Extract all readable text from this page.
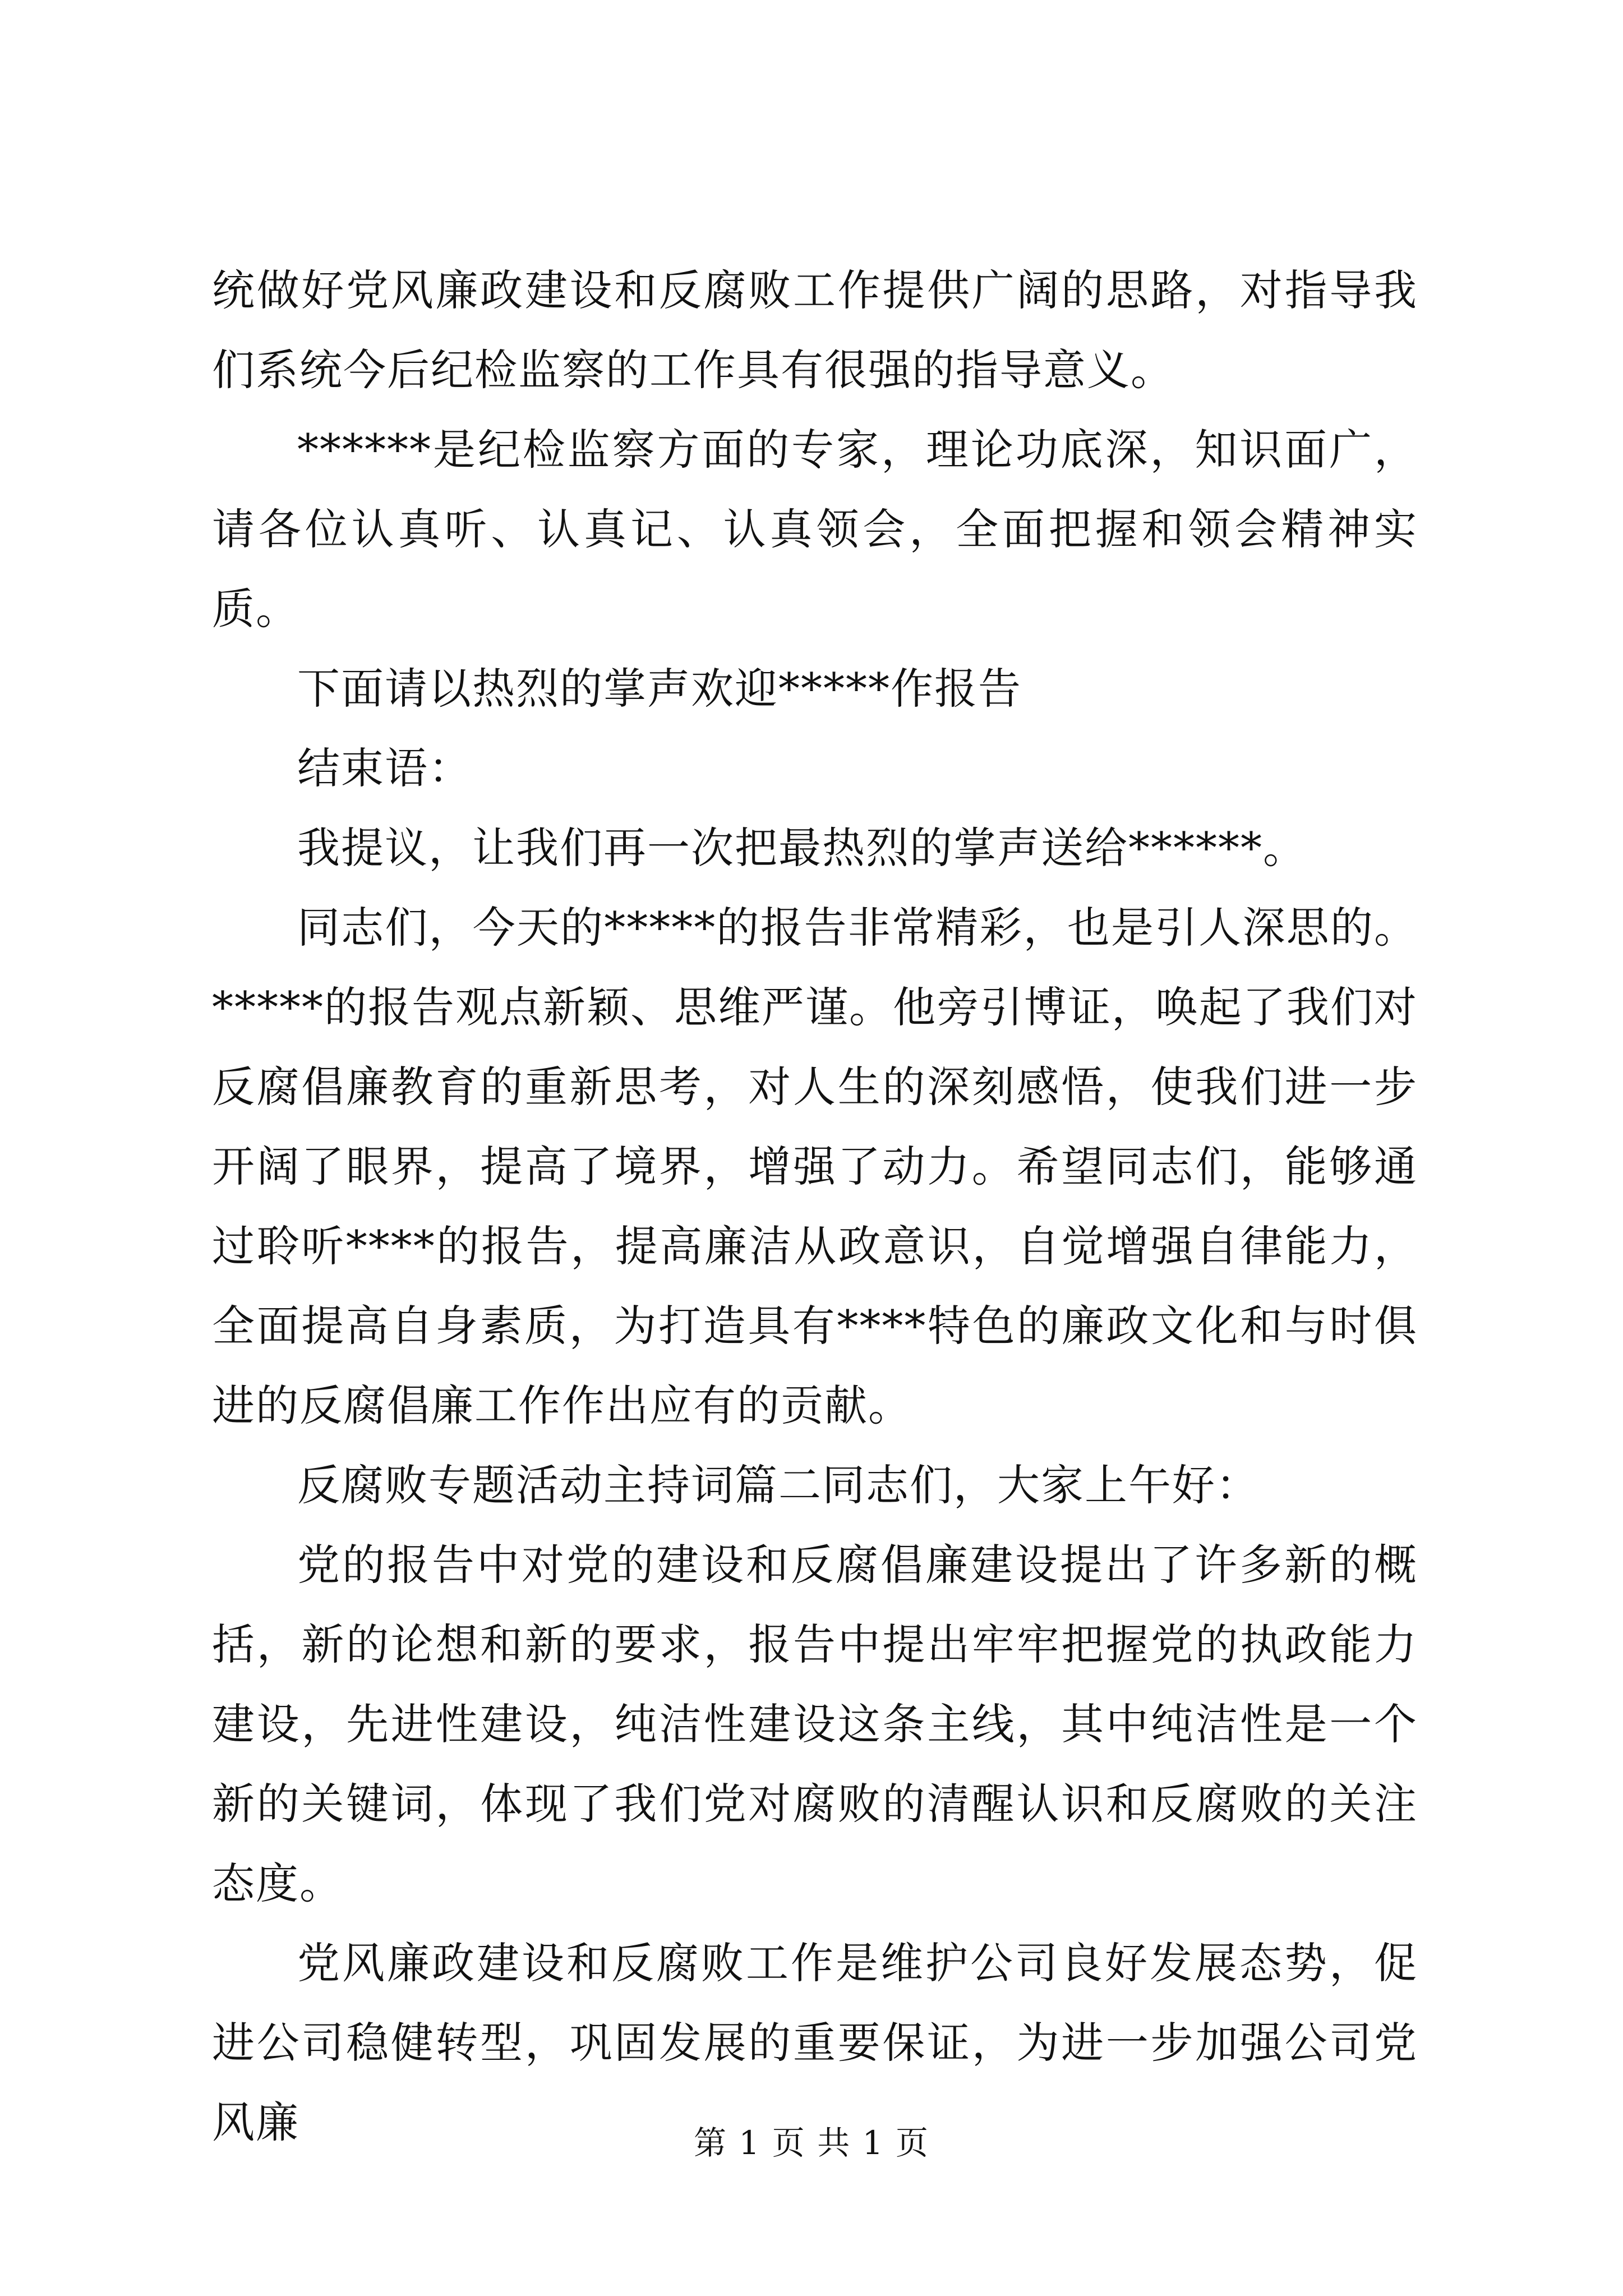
统做好党风廉政建设和反腐败工作提供广阔的思路，对指导我们系统今后纪检监察的工作具有很强的指导意义。

******是纪检监察方面的专家，理论功底深，知识面广，请各位认真听、认真记、认真领会，全面把握和领会精神实质。

下面请以热烈的掌声欢迎*****作报告

结束语：

我提议，让我们再一次把最热烈的掌声送给******。

同志们，今天的*****的报告非常精彩，也是引人深思的。*****的报告观点新颖、思维严谨。他旁引博证，唤起了我们对反腐倡廉教育的重新思考，对人生的深刻感悟，使我们进一步开阔了眼界，提高了境界，增强了动力。希望同志们，能够通过聆听****的报告，提高廉洁从政意识，自觉增强自律能力，全面提高自身素质，为打造具有****特色的廉政文化和与时俱进的反腐倡廉工作作出应有的贡献。

反腐败专题活动主持词篇二同志们，大家上午好：

党的报告中对党的建设和反腐倡廉建设提出了许多新的概括，新的论想和新的要求，报告中提出牢牢把握党的执政能力建设，先进性建设，纯洁性建设这条主线，其中纯洁性是一个新的关键词，体现了我们党对腐败的清醒认识和反腐败的关注态度。

党风廉政建设和反腐败工作是维护公司良好发展态势，促进公司稳健转型，巩固发展的重要保证，为进一步加强公司党风廉	第 1 页 共 1 页
